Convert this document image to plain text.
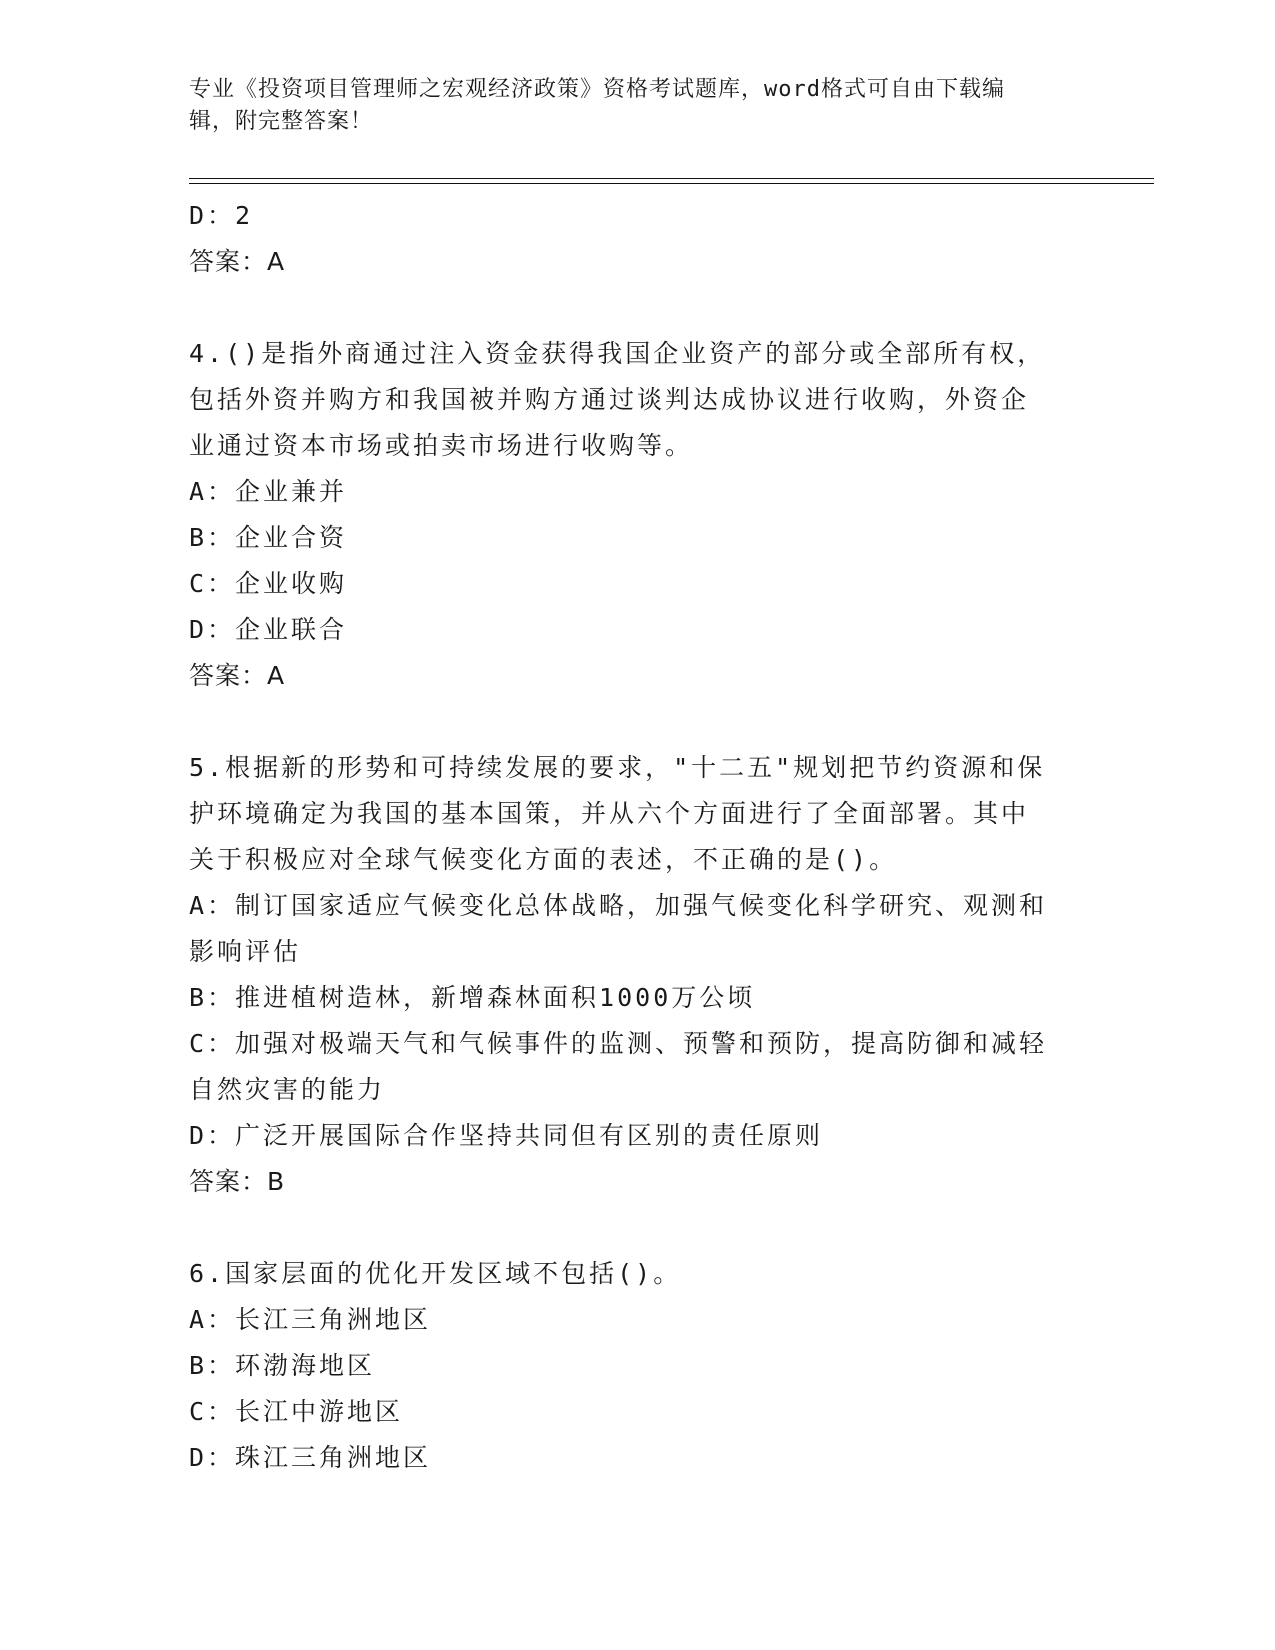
专业《投资项目管理师之宏观经济政策》资格考试题库，word格式可自由下载编
辑，附完整答案！
D：2
答案：A
4.()是指外商通过注入资金获得我国企业资产的部分或全部所有权，
包括外资并购方和我国被并购方通过谈判达成协议进行收购，外资企
业通过资本市场或拍卖市场进行收购等。
A：企业兼并
B：企业合资
C：企业收购
D：企业联合
答案：A
5.根据新的形势和可持续发展的要求，"十二五"规划把节约资源和保
护环境确定为我国的基本国策，并从六个方面进行了全面部署。其中
关于积极应对全球气候变化方面的表述，不正确的是()。
A：制订国家适应气候变化总体战略，加强气候变化科学研究、观测和
影响评估
B：推进植树造林，新增森林面积1000万公顷
C：加强对极端天气和气候事件的监测、预警和预防，提高防御和减轻
自然灾害的能力
D：广泛开展国际合作坚持共同但有区别的责任原则
答案：B
6.国家层面的优化开发区域不包括()。
A：长江三角洲地区
B：环渤海地区
C：长江中游地区
D：珠江三角洲地区
